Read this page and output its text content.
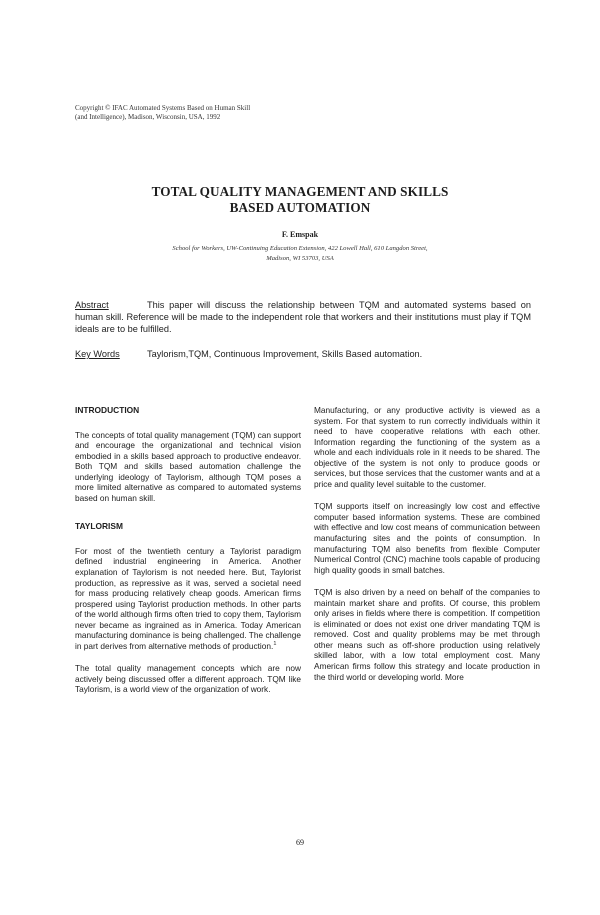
Copyright © IFAC Automated Systems Based on Human Skill
(and Intelligence), Madison, Wisconsin, USA, 1992
TOTAL QUALITY MANAGEMENT AND SKILLS
BASED AUTOMATION
F. Emspak
School for Workers, UW-Continuing Education Extension, 422 Lowell Hall, 610 Langdon Street,
Madison, WI 53703, USA
Abstract	This paper will discuss the relationship between TQM and automated systems based on human skill. Reference will be made to the independent role that workers and their institutions must play if TQM ideals are to be fulfilled.
Key Words	Taylorism,TQM, Continuous Improvement, Skills Based automation.
INTRODUCTION

The concepts of total quality management (TQM) can support and encourage the organizational and technical vision embodied in a skills based approach to productive endeavor. Both TQM and skills based automation challenge the underlying ideology of Taylorism, although TQM poses a more limited alternative as compared to automated systems based on human skill.

TAYLORISM

For most of the twentieth century a Taylorist paradigm defined industrial engineering in America. Another explanation of Taylorism is not needed here. But, Taylorist production, as repressive as it was, served a societal need for mass producing relatively cheap goods. American firms prospered using Taylorist production methods. In other parts of the world although firms often tried to copy them, Taylorism never became as ingrained as in America. Today American manufacturing dominance is being challenged. The challenge in part derives from alternative methods of production.$^1$

The total quality management concepts which are now actively being discussed offer a different approach. TQM like Taylorism, is a world view of the organization of work.

Manufacturing, or any productive activity is viewed as a system. For that system to run correctly individuals within it need to have cooperative relations with each other. Information regarding the functioning of the system as a whole and each individuals role in it needs to be shared. The objective of the system is not only to produce goods or services, but those services that the customer wants and at a price and quality level suitable to the customer.

TQM supports itself on increasingly low cost and effective computer based information systems. These are combined with effective and low cost means of communication between manufacturing sites and the points of consumption. In manufacturing TQM also benefits from flexible Computer Numerical Control (CNC) machine tools capable of producing high quality goods in small batches.

TQM is also driven by a need on behalf of the companies to maintain market share and profits. Of course, this problem only arises in fields where there is competition. If competition is eliminated or does not exist one driver mandating TQM is removed. Cost and quality problems may be met through other means such as off-shore production using relatively skilled labor, with a low total employment cost. Many American firms follow this strategy and locate production in the third world or developing world. More

69
